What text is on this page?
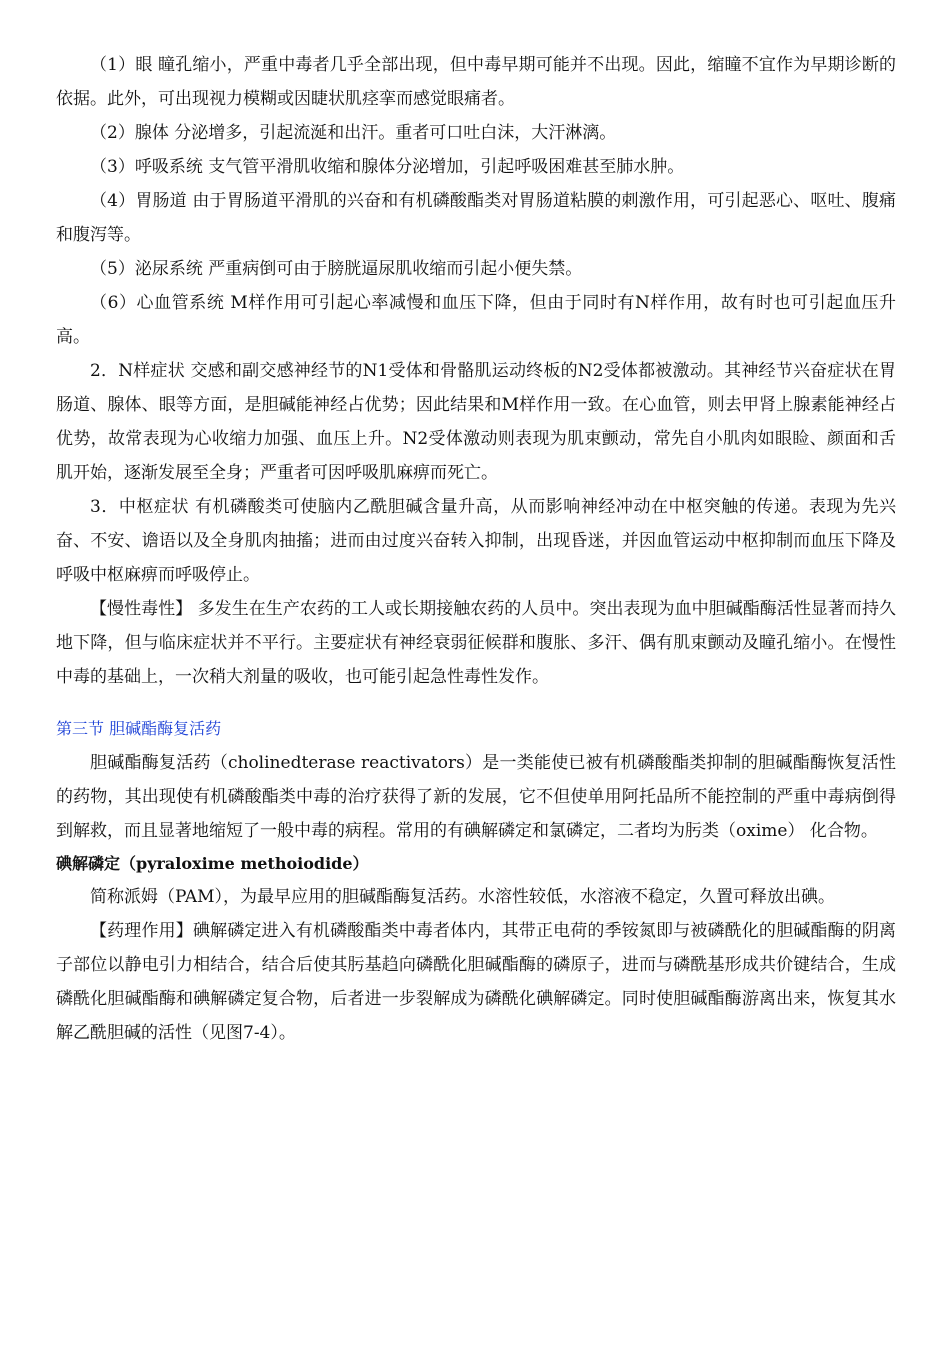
（1）眼 瞳孔缩小，严重中毒者几乎全部出现，但中毒早期可能并不出现。因此，缩瞳不宜作为早期诊断的依据。此外，可出现视力模糊或因睫状肌痉挛而感觉眼痛者。

（2）腺体 分泌增多，引起流涎和出汗。重者可口吐白沫，大汗淋漓。

（3）呼吸系统 支气管平滑肌收缩和腺体分泌增加，引起呼吸困难甚至肺水肿。

（4）胃肠道 由于胃肠道平滑肌的兴奋和有机磷酸酯类对胃肠道粘膜的刺激作用，可引起恶心、呕吐、腹痛和腹泻等。

（5）泌尿系统 严重病倒可由于膀胱逼尿肌收缩而引起小便失禁。

（6）心血管系统 M样作用可引起心率减慢和血压下降，但由于同时有N样作用，故有时也可引起血压升高。

2．N样症状 交感和副交感神经节的N1受体和骨骼肌运动终板的N2受体都被激动。其神经节兴奋症状在胃肠道、腺体、眼等方面，是胆碱能神经占优势；因此结果和M样作用一致。在心血管，则去甲肾上腺素能神经占优势，故常表现为心收缩力加强、血压上升。N2受体激动则表现为肌束颤动，常先自小肌肉如眼睑、颜面和舌肌开始，逐渐发展至全身；严重者可因呼吸肌麻痹而死亡。

3．中枢症状 有机磷酸类可使脑内乙酰胆碱含量升高，从而影响神经冲动在中枢突触的传递。表现为先兴奋、不安、谵语以及全身肌肉抽搐；进而由过度兴奋转入抑制，出现昏迷，并因血管运动中枢抑制而血压下降及呼吸中枢麻痹而呼吸停止。

【慢性毒性】 多发生在生产农药的工人或长期接触农药的人员中。突出表现为血中胆碱酯酶活性显著而持久地下降，但与临床症状并不平行。主要症状有神经衰弱征候群和腹胀、多汗、偶有肌束颤动及瞳孔缩小。在慢性中毒的基础上，一次稍大剂量的吸收，也可能引起急性毒性发作。

第三节 胆碱酯酶复活药

胆碱酯酶复活药（cholinedterase reactivators）是一类能使已被有机磷酸酯类抑制的胆碱酯酶恢复活性的药物，其出现使有机磷酸酯类中毒的治疗获得了新的发展，它不但使单用阿托品所不能控制的严重中毒病倒得到解救，而且显著地缩短了一般中毒的病程。常用的有碘解磷定和氯磷定，二者均为肟类（oxime） 化合物。

碘解磷定（pyraloxime methoiodide）

简称派姆（PAM），为最早应用的胆碱酯酶复活药。水溶性较低，水溶液不稳定，久置可释放出碘。

【药理作用】碘解磷定进入有机磷酸酯类中毒者体内，其带正电荷的季铵氮即与被磷酰化的胆碱酯酶的阴离子部位以静电引力相结合，结合后使其肟基趋向磷酰化胆碱酯酶的磷原子，进而与磷酰基形成共价键结合，生成磷酰化胆碱酯酶和碘解磷定复合物，后者进一步裂解成为磷酰化碘解磷定。同时使胆碱酯酶游离出来，恢复其水解乙酰胆碱的活性（见图7-4）。
